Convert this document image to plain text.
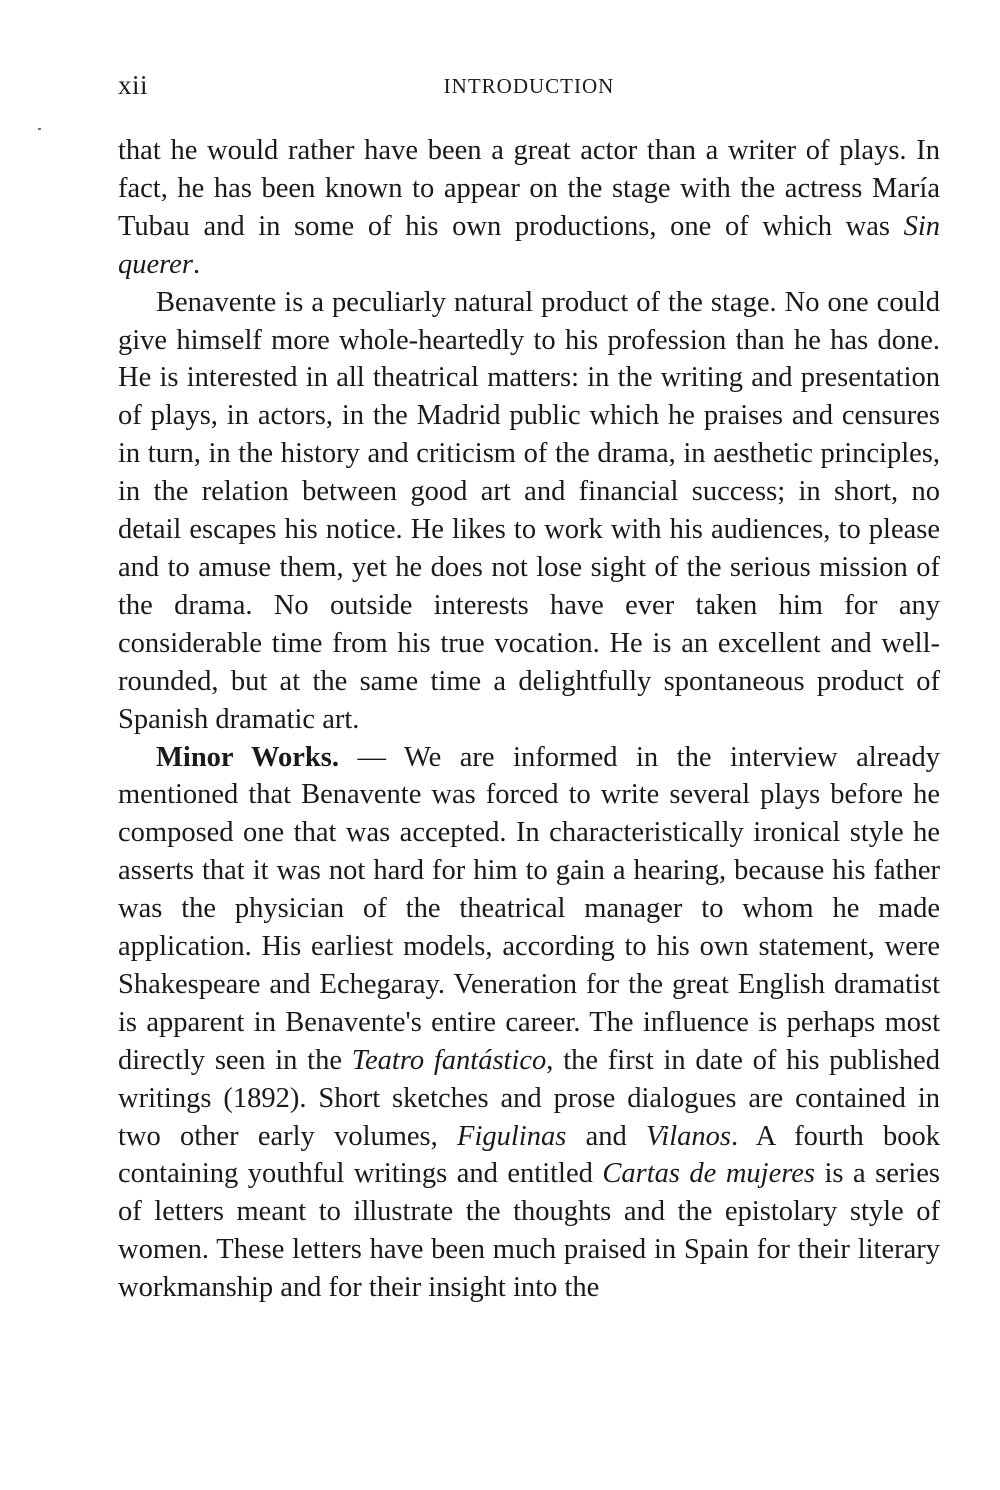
xii	INTRODUCTION

that he would rather have been a great actor than a writer of plays. In fact, he has been known to appear on the stage with the actress María Tubau and in some of his own productions, one of which was Sin querer.

Benavente is a peculiarly natural product of the stage. No one could give himself more whole-heartedly to his profession than he has done. He is interested in all theatrical matters: in the writing and presentation of plays, in actors, in the Madrid public which he praises and censures in turn, in the history and criticism of the drama, in aesthetic principles, in the relation between good art and financial success; in short, no detail escapes his notice. He likes to work with his audiences, to please and to amuse them, yet he does not lose sight of the serious mission of the drama. No outside interests have ever taken him for any considerable time from his true vocation. He is an excellent and well-rounded, but at the same time a delightfully spontaneous product of Spanish dramatic art.

Minor Works. — We are informed in the interview already mentioned that Benavente was forced to write several plays before he composed one that was accepted. In characteristically ironical style he asserts that it was not hard for him to gain a hearing, because his father was the physician of the theatrical manager to whom he made application. His earliest models, according to his own statement, were Shakespeare and Echegaray. Veneration for the great English dramatist is apparent in Benavente's entire career. The influence is perhaps most directly seen in the Teatro fantástico, the first in date of his published writings (1892). Short sketches and prose dialogues are contained in two other early volumes, Figulinas and Vilanos. A fourth book containing youthful writings and entitled Cartas de mujeres is a series of letters meant to illustrate the thoughts and the epistolary style of women. These letters have been much praised in Spain for their literary workmanship and for their insight into the
